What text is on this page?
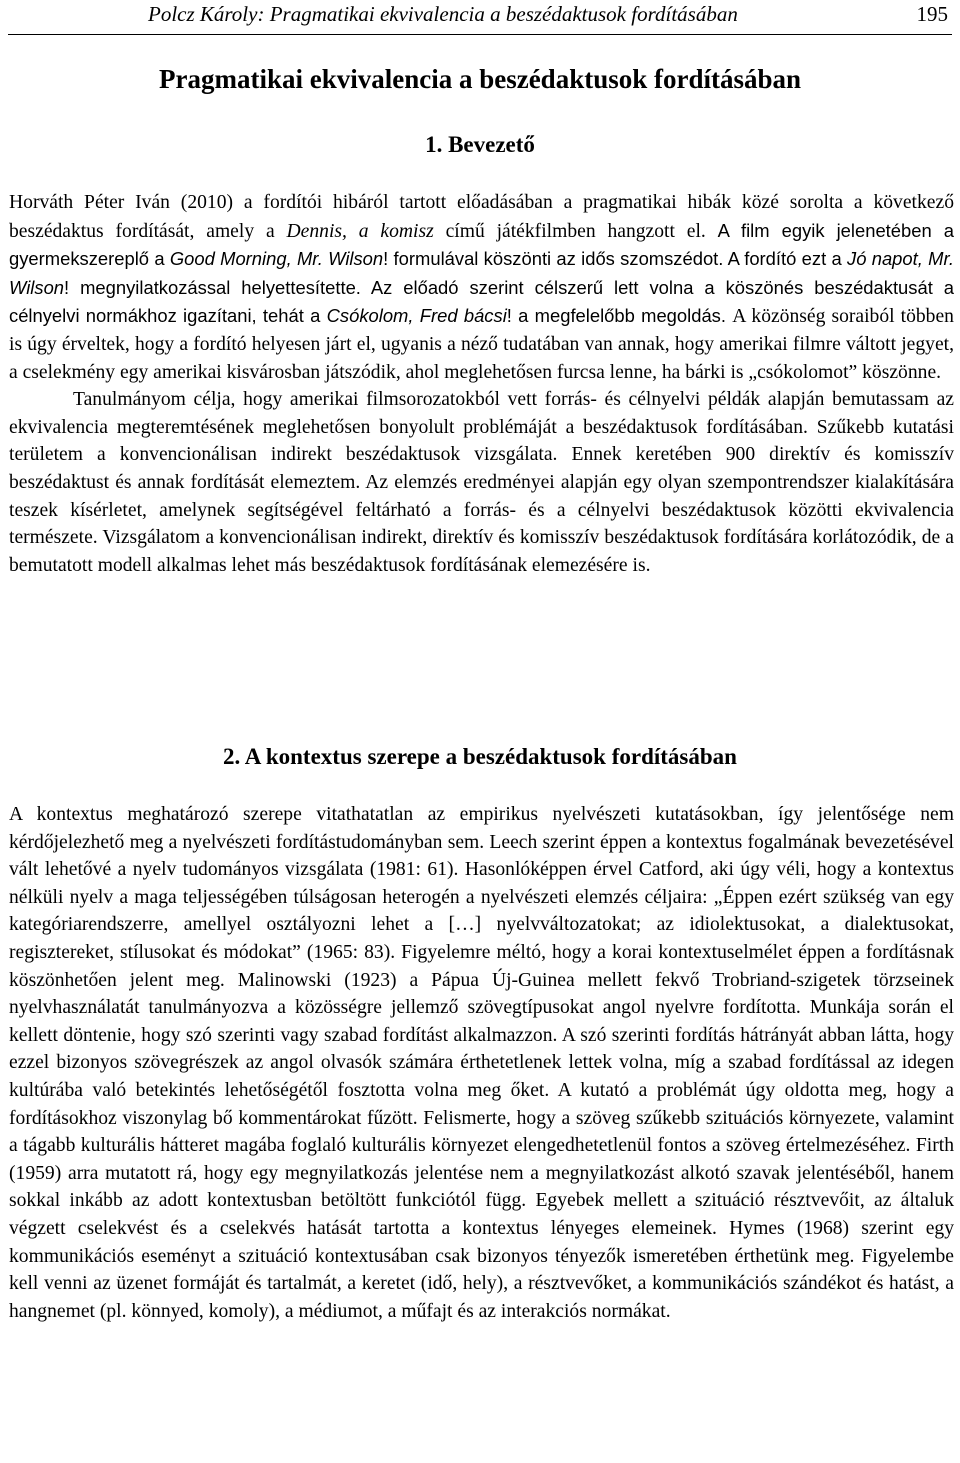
Polcz Károly: Pragmatikai ekvivalencia a beszédaktusok fordításában	195
Pragmatikai ekvivalencia a beszédaktusok fordításában
1. Bevezető

Horváth Péter Iván (2010) a fordítói hibáról tartott előadásában a pragmatikai hibák közé sorolta a következő beszédaktus fordítását, amely a Dennis, a komisz című játékfilmben hangzott el. A film egyik jelenetében a gyermekszereplő a Good Morning, Mr. Wilson! formulával köszönti az idős szomszédot. A fordító ezt a Jó napot, Mr. Wilson! megnyilatkozással helyettesítette. Az előadó szerint célszerű lett volna a köszönés beszédaktusát a célnyelvi normákhoz igazítani, tehát a Csókolom, Fred bácsi! a megfelelőbb megoldás. A közönség soraiból többen is úgy érveltek, hogy a fordító helyesen járt el, ugyanis a néző tudatában van annak, hogy amerikai filmre váltott jegyet, a cselekmény egy amerikai kisvárosban játszódik, ahol meglehetősen furcsa lenne, ha bárki is „csókolomot” köszönne.

Tanulmányom célja, hogy amerikai filmsorozatokból vett forrás- és célnyelvi példák alapján bemutassam az ekvivalencia megteremtésének meglehetősen bonyolult problémáját a beszédaktusok fordításában. Szűkebb kutatási területem a konvencionálisan indirekt beszédaktusok vizsgálata. Ennek keretében 900 direktív és komisszív beszédaktust és annak fordítását elemeztem. Az elemzés eredményei alapján egy olyan szempontrendszer kialakítására teszek kísérletet, amelynek segítségével feltárható a forrás- és a célnyelvi beszédaktusok közötti ekvivalencia természete. Vizsgálatom a konvencionálisan indirekt, direktív és komisszív beszédaktusok fordítására korlátozódik, de a bemutatott modell alkalmas lehet más beszédaktusok fordításának elemezésére is.

2. A kontextus szerepe a beszédaktusok fordításában

A kontextus meghatározó szerepe vitathatatlan az empirikus nyelvészeti kutatásokban, így jelentősége nem kérdőjelezhető meg a nyelvészeti fordítástudományban sem. Leech szerint éppen a kontextus fogalmának bevezetésével vált lehetővé a nyelv tudományos vizsgálata (1981: 61). Hasonlóképpen érvel Catford, aki úgy véli, hogy a kontextus nélküli nyelv a maga teljességében túlságosan heterogén a nyelvészeti elemzés céljaira: „Éppen ezért szükség van egy kategóriarendszerre, amellyel osztályozni lehet a […] nyelvváltozatokat; az idiolektusokat, a dialektusokat, regisztereket, stílusokat és módokat” (1965: 83). Figyelemre méltó, hogy a korai kontextuselmélet éppen a fordításnak köszönhetően jelent meg. Malinowski (1923) a Pápua Új-Guinea mellett fekvő Trobriand-szigetek törzseinek nyelvhasználatát tanulmányozva a közösségre jellemző szövegtípusokat angol nyelvre fordította. Munkája során el kellett döntenie, hogy szó szerinti vagy szabad fordítást alkalmazzon. A szó szerinti fordítás hátrányát abban látta, hogy ezzel bizonyos szövegrészek az angol olvasók számára érthetetlenek lettek volna, míg a szabad fordítással az idegen kultúrába való betekintés lehetőségétől fosztotta volna meg őket. A kutató a problémát úgy oldotta meg, hogy a fordításokhoz viszonylag bő kommentárokat fűzött. Felismerte, hogy a szöveg szűkebb szituációs környezete, valamint a tágabb kulturális hátteret magába foglaló kulturális környezet elengedhetetlenül fontos a szöveg értelmezéséhez. Firth (1959) arra mutatott rá, hogy egy megnyilatkozás jelentése nem a megnyilatkozást alkotó szavak jelentéséből, hanem sokkal inkább az adott kontextusban betöltött funkciótól függ. Egyebek mellett a szituáció résztvevőit, az általuk végzett cselekvést és a cselekvés hatását tartotta a kontextus lényeges elemeinek. Hymes (1968) szerint egy kommunikációs eseményt a szituáció kontextusában csak bizonyos tényezők ismeretében érthetünk meg. Figyelembe kell venni az üzenet formáját és tartalmát, a keretet (idő, hely), a résztvevőket, a kommunikációs szándékot és hatást, a hangnemet (pl. könnyed, komoly), a médiumot, a műfajt és az interakciós normákat.
